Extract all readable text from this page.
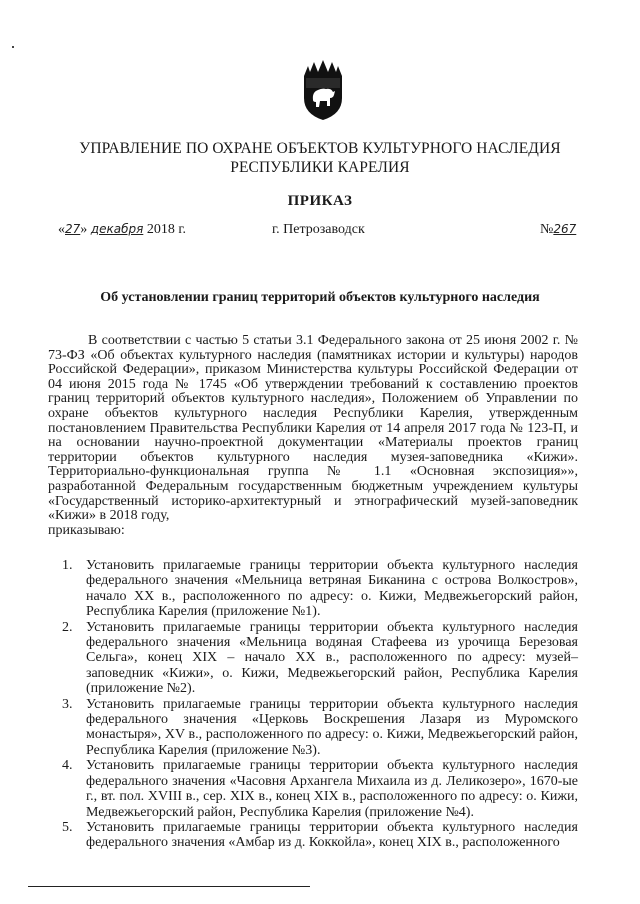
УПРАВЛЕНИЕ ПО ОХРАНЕ ОБЪЕКТОВ КУЛЬТУРНОГО НАСЛЕДИЯ
РЕСПУБЛИКИ КАРЕЛИЯ
ПРИКАЗ
«27» декабря 2018 г.	г. Петрозаводск	№267
Об установлении границ территорий объектов культурного наследия

В соответствии с частью 5 статьи 3.1 Федерального закона от 25 июня 2002 г. № 73-ФЗ «Об объектах культурного наследия (памятниках истории и культуры) народов Российской Федерации», приказом Министерства культуры Российской Федерации от 04 июня 2015 года № 1745 «Об утверждении требований к составлению проектов границ территорий объектов культурного наследия», Положением об Управлении по охране объектов культурного наследия Республики Карелия, утвержденным постановлением Правительства Республики Карелия от 14 апреля 2017 года № 123-П, и на основании научно-проектной документации «Материалы проектов границ территории объектов культурного наследия музея-заповедника «Кижи». Территориально-функциональная группа № 1.1 «Основная экспозиция»», разработанной Федеральным государственным бюджетным учреждением культуры «Государственный историко-архитектурный и этнографический музей-заповедник «Кижи» в 2018 году,

приказываю:
1. Установить прилагаемые границы территории объекта культурного наследия федерального значения «Мельница ветряная Биканина с острова Волкостров», начало XX в., расположенного по адресу: о. Кижи, Медвежьегорский район, Республика Карелия (приложение №1).
2. Установить прилагаемые границы территории объекта культурного наследия федерального значения «Мельница водяная Стафеева из урочища Березовая Сельга», конец XIX – начало XX в., расположенного по адресу: музей–заповедник «Кижи», о. Кижи, Медвежьегорский район, Республика Карелия (приложение №2).
3. Установить прилагаемые границы территории объекта культурного наследия федерального значения «Церковь Воскрешения Лазаря из Муромского монастыря», XV в., расположенного по адресу: о. Кижи, Медвежьегорский район, Республика Карелия (приложение №3).
4. Установить прилагаемые границы территории объекта культурного наследия федерального значения «Часовня Архангела Михаила из д. Леликозеро», 1670-ые г., вт. пол. XVIII в., сер. XIX в., конец XIX в., расположенного по адресу: о. Кижи, Медвежьегорский район, Республика Карелия (приложение №4).
5. Установить прилагаемые границы территории объекта культурного наследия федерального значения «Амбар из д. Коккойла», конец XIX в., расположенного
